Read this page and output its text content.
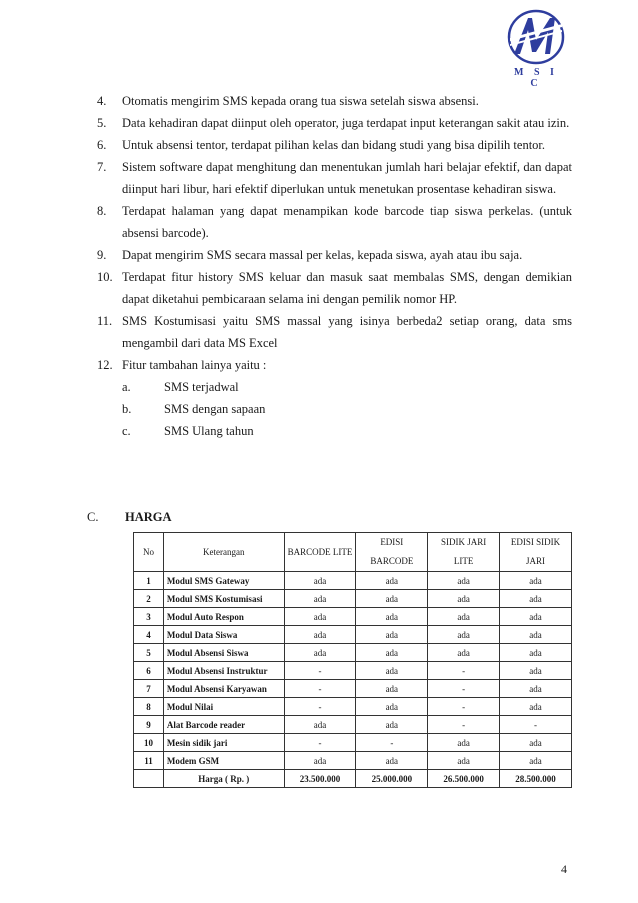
M S I C
4.	Otomatis mengirim SMS kepada orang tua siswa setelah siswa absensi.
5.	Data kehadiran dapat diinput oleh operator, juga terdapat input keterangan sakit atau izin.
6.	Untuk absensi tentor, terdapat pilihan kelas dan bidang studi yang bisa dipilih tentor.
7.	Sistem software dapat menghitung dan menentukan jumlah hari belajar efektif, dan dapat diinput hari libur, hari efektif diperlukan untuk menetukan prosentase kehadiran siswa.
8.	Terdapat halaman yang dapat menampikan kode barcode tiap siswa perkelas. (untuk absensi barcode).
9.	Dapat mengirim SMS secara massal per kelas, kepada siswa, ayah atau ibu saja.
10. Terdapat fitur history SMS keluar dan masuk saat membalas SMS, dengan demikian dapat diketahui pembicaraan selama ini dengan pemilik nomor HP.
11. SMS Kostumisasi yaitu SMS massal yang isinya berbeda2 setiap orang, data sms mengambil dari data MS Excel
12. Fitur tambahan lainya yaitu :
a.	SMS terjadwal
b.	SMS dengan sapaan
c.	SMS Ulang tahun
C. HARGA
No	Keterangan	BARCODE LITE	EDISI BARCODE	SIDIK JARI LITE	EDISI SIDIK JARI
1	Modul SMS Gateway	ada	ada	ada	ada
2	Modul SMS Kostumisasi	ada	ada	ada	ada
3	Modul Auto Respon	ada	ada	ada	ada
4	Modul Data Siswa	ada	ada	ada	ada
5	Modul Absensi Siswa	ada	ada	ada	ada
6	Modul Absensi Instruktur	-	ada	-	ada
7	Modul Absensi Karyawan	-	ada	-	ada
8	Modul Nilai	-	ada	-	ada
9	Alat Barcode reader	ada	ada	-	-
10	Mesin sidik jari	-	-	ada	ada
11	Modem GSM	ada	ada	ada	ada
	Harga ( Rp. )	23.500.000	25.000.000	26.500.000	28.500.000
4
